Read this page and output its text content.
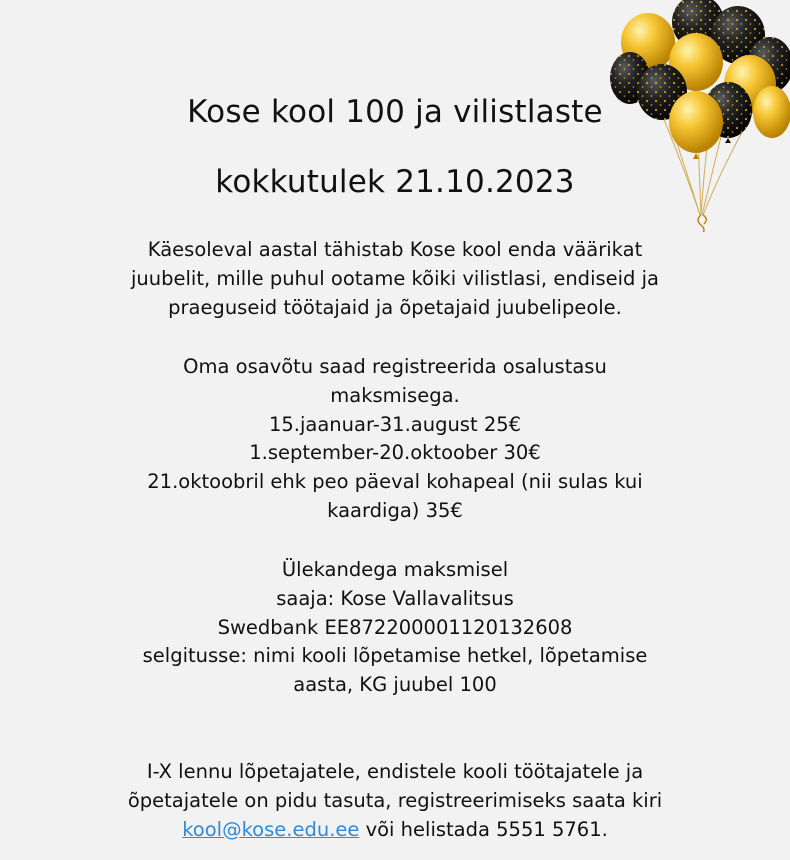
Kose kool 100 ja vilistlaste
kokkutulek 21.10.2023
Käesoleval aastal tähistab Kose kool enda väärikat
juubelit, mille puhul ootame kõiki vilistlasi, endiseid ja
praeguseid töötajaid ja õpetajaid juubelipeole.
Oma osavõtu saad registreerida osalustasu
maksmisega.
15.jaanuar-31.august 25€
1.september-20.oktoober 30€
21.oktoobril ehk peo päeval kohapeal (nii sulas kui
kaardiga) 35€
Ülekandega maksmisel
saaja: Kose Vallavalitsus
Swedbank EE872200001120132608
selgitusse: nimi kooli lõpetamise hetkel, lõpetamise
aasta, KG juubel 100
I-X lennu lõpetajatele, endistele kooli töötajatele ja
õpetajatele on pidu tasuta, registreerimiseks saata kiri
kool@kose.edu.ee või helistada 5551 5761.
